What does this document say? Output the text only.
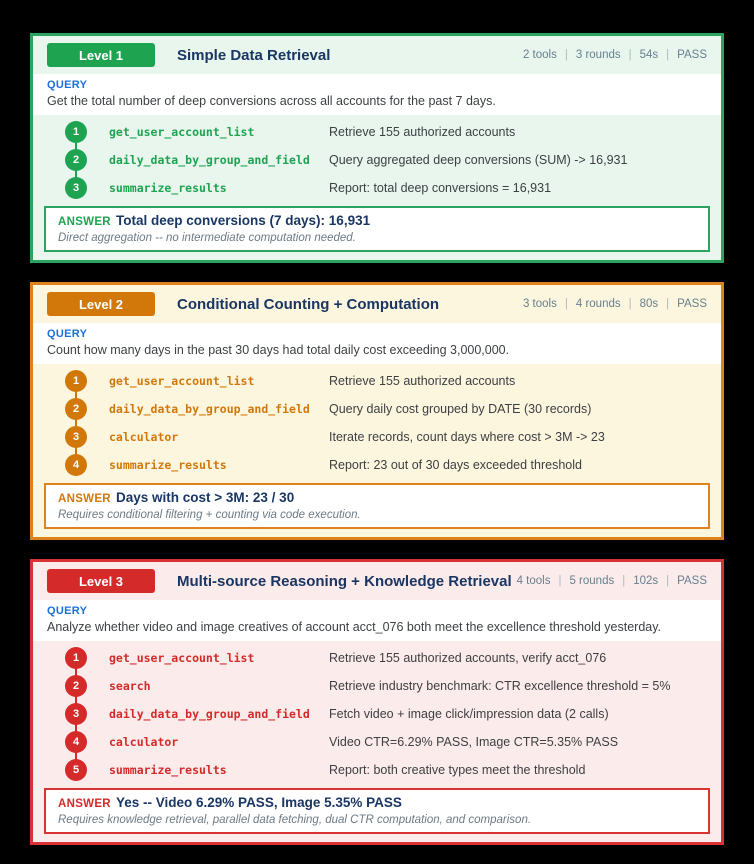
Level 1	Simple Data Retrieval	2 tools | 3 rounds | 54s | PASS
QUERY
Get the total number of deep conversions across all accounts for the past 7 days.
1	get_user_account_list	Retrieve 155 authorized accounts
2	daily_data_by_group_and_field	Query aggregated deep conversions (SUM) -> 16,931
3	summarize_results	Report: total deep conversions = 16,931
ANSWER Total deep conversions (7 days): 16,931
Direct aggregation -- no intermediate computation needed.
Level 2	Conditional Counting + Computation	3 tools | 4 rounds | 80s | PASS
QUERY
Count how many days in the past 30 days had total daily cost exceeding 3,000,000.
1	get_user_account_list	Retrieve 155 authorized accounts
2	daily_data_by_group_and_field	Query daily cost grouped by DATE (30 records)
3	calculator	Iterate records, count days where cost > 3M -> 23
4	summarize_results	Report: 23 out of 30 days exceeded threshold
ANSWER Days with cost > 3M: 23 / 30
Requires conditional filtering + counting via code execution.
Level 3	Multi-source Reasoning + Knowledge Retrieval 4 tools | 5 rounds | 102s | PASS
QUERY
Analyze whether video and image creatives of account acct_076 both meet the excellence threshold yesterday.
1	get_user_account_list	Retrieve 155 authorized accounts, verify acct_076
2	search	Retrieve industry benchmark: CTR excellence threshold = 5%
3	daily_data_by_group_and_field	Fetch video + image click/impression data (2 calls)
4	calculator	Video CTR=6.29% PASS, Image CTR=5.35% PASS
5	summarize_results	Report: both creative types meet the threshold
ANSWER Yes -- Video 6.29% PASS, Image 5.35% PASS
Requires knowledge retrieval, parallel data fetching, dual CTR computation, and comparison.
